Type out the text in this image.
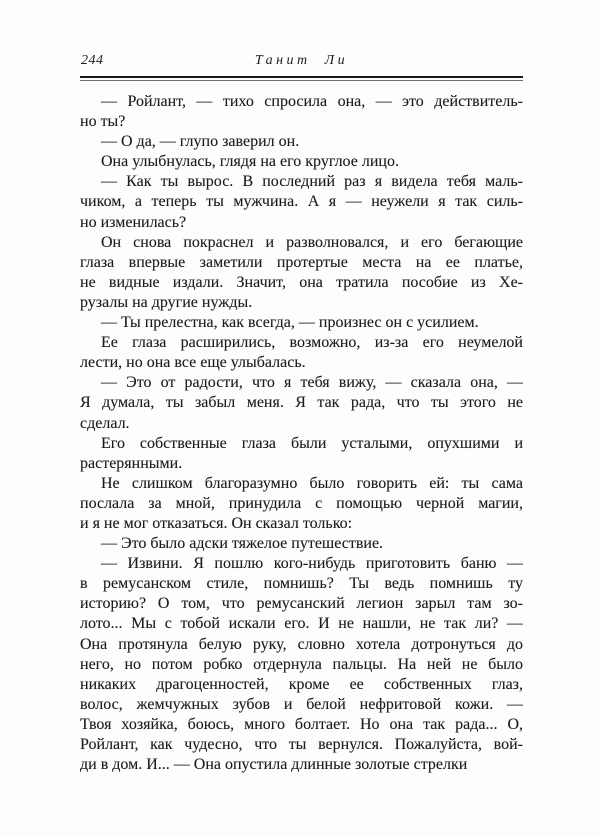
244	Танит Ли
— Ройлант, — тихо спросила она, — это действитель-
но ты?
— О да, — глупо заверил он.
Она улыбнулась, глядя на его круглое лицо.
— Как ты вырос. В последний раз я видела тебя маль-
чиком, а теперь ты мужчина. А я — неужели я так силь-
но изменилась?
Он снова покраснел и разволновался, и его бегающие
глаза впервые заметили протертые места на ее платье,
не видные издали. Значит, она тратила пособие из Хе-
рузалы на другие нужды.
— Ты прелестна, как всегда, — произнес он с усилием.
Ее глаза расширились, возможно, из-за его неумелой
лести, но она все еще улыбалась.
— Это от радости, что я тебя вижу, — сказала она, —
Я думала, ты забыл меня. Я так рада, что ты этого не
сделал.
Его собственные глаза были усталыми, опухшими и
растерянными.
Не слишком благоразумно было говорить ей: ты сама
послала за мной, принудила с помощью черной магии,
и я не мог отказаться. Он сказал только:
— Это было адски тяжелое путешествие.
— Извини. Я пошлю кого-нибудь приготовить баню —
в ремусанском стиле, помнишь? Ты ведь помнишь ту
историю? О том, что ремусанский легион зарыл там зо-
лото... Мы с тобой искали его. И не нашли, не так ли? —
Она протянула белую руку, словно хотела дотронуться до
него, но потом робко отдернула пальцы. На ней не было
никаких драгоценностей, кроме ее собственных глаз,
волос, жемчужных зубов и белой нефритовой кожи. —
Твоя хозяйка, боюсь, много болтает. Но она так рада... О,
Ройлант, как чудесно, что ты вернулся. Пожалуйста, вой-
ди в дом. И... — Она опустила длинные золотые стрелки
